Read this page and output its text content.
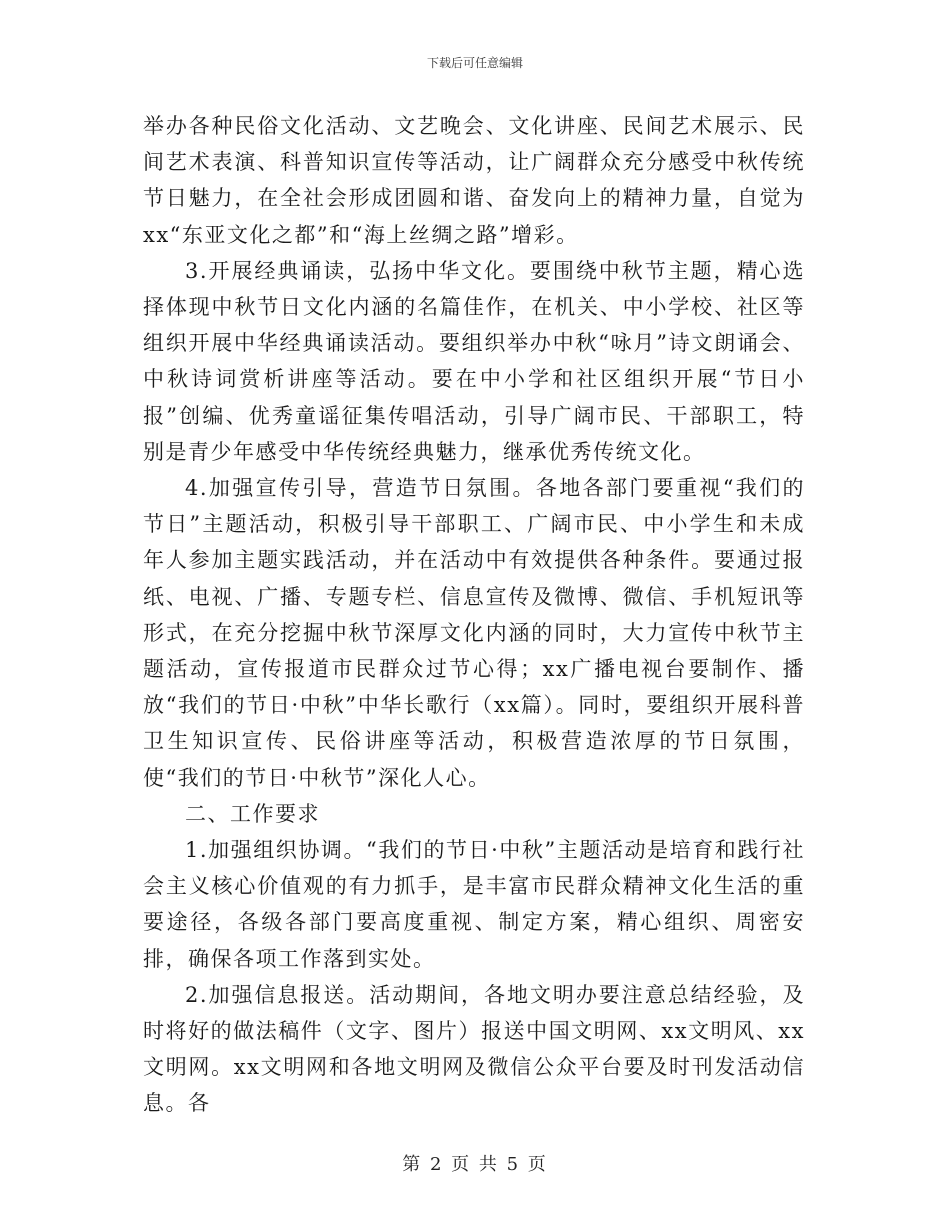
下载后可任意编辑

举办各种民俗文化活动、文艺晚会、文化讲座、民间艺术展示、民间艺术表演、科普知识宣传等活动，让广阔群众充分感受中秋传统节日魅力，在全社会形成团圆和谐、奋发向上的精神力量，自觉为xx“东亚文化之都”和“海上丝绸之路”增彩。

3.开展经典诵读，弘扬中华文化。要围绕中秋节主题，精心选择体现中秋节日文化内涵的名篇佳作，在机关、中小学校、社区等组织开展中华经典诵读活动。要组织举办中秋“咏月”诗文朗诵会、中秋诗词赏析讲座等活动。要在中小学和社区组织开展“节日小报”创编、优秀童谣征集传唱活动，引导广阔市民、干部职工，特别是青少年感受中华传统经典魅力，继承优秀传统文化。

4.加强宣传引导，营造节日氛围。各地各部门要重视“我们的节日”主题活动，积极引导干部职工、广阔市民、中小学生和未成年人参加主题实践活动，并在活动中有效提供各种条件。要通过报纸、电视、广播、专题专栏、信息宣传及微博、微信、手机短讯等形式，在充分挖掘中秋节深厚文化内涵的同时，大力宣传中秋节主题活动，宣传报道市民群众过节心得；xx广播电视台要制作、播放“我们的节日·中秋”中华长歌行（xx篇）。同时，要组织开展科普卫生知识宣传、民俗讲座等活动，积极营造浓厚的节日氛围，使“我们的节日·中秋节”深化人心。

二、工作要求

1.加强组织协调。“我们的节日·中秋”主题活动是培育和践行社会主义核心价值观的有力抓手，是丰富市民群众精神文化生活的重要途径，各级各部门要高度重视、制定方案，精心组织、周密安排，确保各项工作落到实处。

2.加强信息报送。活动期间，各地文明办要注意总结经验，及时将好的做法稿件（文字、图片）报送中国文明网、xx文明风、xx文明网。xx文明网和各地文明网及微信公众平台要及时刊发活动信息。各

第 2 页 共 5 页
